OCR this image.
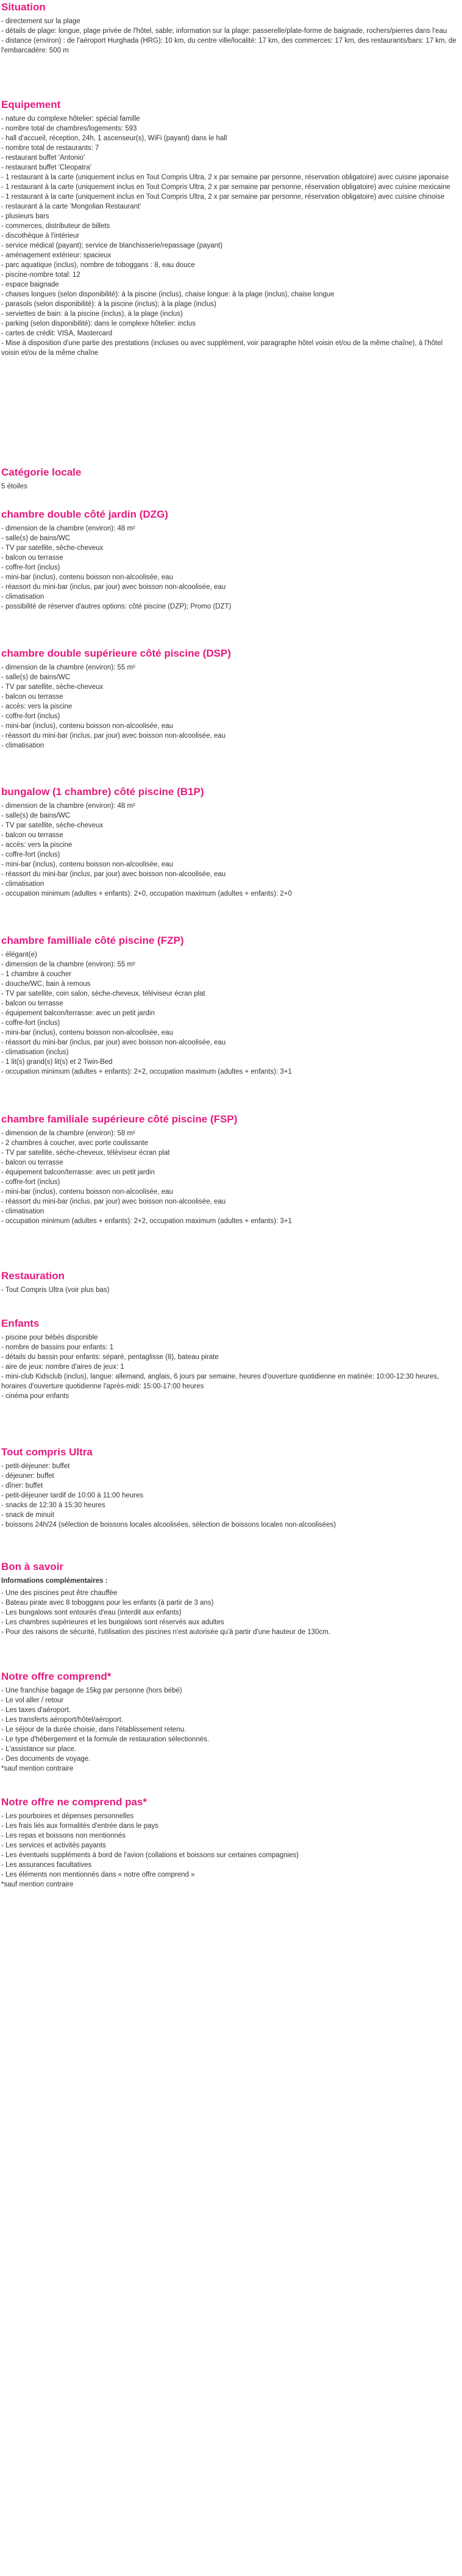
Situation
- directement sur la plage
- détails de plage: longue, plage privée de l'hôtel, sable; information sur la plage: passerelle/plate-forme de baignade, rochers/pierres dans l'eau
- distance (environ) : de l'aéroport Hurghada (HRG): 10 km, du centre ville/localité: 17 km, des commerces: 17 km, des restaurants/bars: 17 km, de l'embarcadère: 500 m
Equipement
- nature du complexe hôtelier: spécial famille
- nombre total de chambres/logements: 593
- hall d'accueil, réception, 24h, 1 ascenseur(s), WiFi (payant) dans le hall
- nombre total de restaurants: 7
- restaurant buffet 'Antonio'
- restaurant buffet 'Cleopatra'
- 1 restaurant à la carte (uniquement inclus en Tout Compris Ultra, 2 x par semaine par personne, réservation obligatoire) avec cuisine japonaise
- 1 restaurant à la carte (uniquement inclus en Tout Compris Ultra, 2 x par semaine par personne, réservation obligatoire) avec cuisine mexicaine
- 1 restaurant à la carte (uniquement inclus en Tout Compris Ultra, 2 x par semaine par personne, réservation obligatoire) avec cuisine chinoise
- restaurant à la carte 'Mongolian Restaurant'
- plusieurs bars
- commerces, distributeur de billets
- discothèque à l'intérieur
- service médical (payant); service de blanchisserie/repassage (payant)
- aménagement extérieur: spacieux
- parc aquatique (inclus), nombre de toboggans : 8, eau douce
- piscine-nombre total: 12
- espace baignade
- chaises longues (selon disponibilité): à la piscine (inclus), chaise longue: à la plage (inclus), chaise longue
- parasols (selon disponibilité): à la piscine (inclus); à la plage (inclus)
- serviettes de bain: à la piscine (inclus), à la plage (inclus)
- parking (selon disponibilité): dans le complexe hôtelier: inclus
- cartes de crédit: VISA, Mastercard
- Mise à disposition d'une partie des prestations (incluses ou avec supplément, voir paragraphe hôtel voisin et/ou de la même chaîne), à l'hôtel voisin et/ou de la même chaîne
Catégorie locale
5 étoiles
chambre double côté jardin (DZG)
- dimension de la chambre (environ): 48 m²
- salle(s) de bains/WC
- TV par satellite, sèche-cheveux
- balcon ou terrasse
- coffre-fort (inclus)
- mini-bar (inclus), contenu boisson non-alcoolisée, eau
- réassort du mini-bar (inclus, par jour) avec boisson non-alcoolisée, eau
- climatisation
- possibilité de réserver d'autres options: côté piscine (DZP); Promo (DZT)
chambre double supérieure côté piscine (DSP)
- dimension de la chambre (environ): 55 m²
- salle(s) de bains/WC
- TV par satellite, sèche-cheveux
- balcon ou terrasse
- accès: vers la piscine
- coffre-fort (inclus)
- mini-bar (inclus), contenu boisson non-alcoolisée, eau
- réassort du mini-bar (inclus, par jour) avec boisson non-alcoolisée, eau
- climatisation
bungalow (1 chambre) côté piscine (B1P)
- dimension de la chambre (environ): 48 m²
- salle(s) de bains/WC
- TV par satellite, sèche-cheveux
- balcon ou terrasse
- accès: vers la piscine
- coffre-fort (inclus)
- mini-bar (inclus), contenu boisson non-alcoolisée, eau
- réassort du mini-bar (inclus, par jour) avec boisson non-alcoolisée, eau
- climatisation
- occupation minimum (adultes + enfants): 2+0, occupation maximum (adultes + enfants): 2+0
chambre familliale côté piscine (FZP)
- élégant(e)
- dimension de la chambre (environ): 55 m²
- 1 chambre à coucher
- douche/WC, bain à remous
- TV par satellite, coin salon, sèche-cheveux, téléviseur écran plat
- balcon ou terrasse
- équipement balcon/terrasse: avec un petit jardin
- coffre-fort (inclus)
- mini-bar (inclus), contenu boisson non-alcoolisée, eau
- réassort du mini-bar (inclus, par jour) avec boisson non-alcoolisée, eau
- climatisation (inclus)
- 1 lit(s) grand(s) lit(s) et 2 Twin-Bed
- occupation minimum (adultes + enfants): 2+2, occupation maximum (adultes + enfants): 3+1
chambre familiale supérieure côté piscine (FSP)
- dimension de la chambre (environ): 58 m²
- 2 chambres à coucher, avec porte coulissante
- TV par satellite, sèche-cheveux, téléviseur écran plat
- balcon ou terrasse
- équipement balcon/terrasse: avec un petit jardin
- coffre-fort (inclus)
- mini-bar (inclus), contenu boisson non-alcoolisée, eau
- réassort du mini-bar (inclus, par jour) avec boisson non-alcoolisée, eau
- climatisation
- occupation minimum (adultes + enfants): 2+2, occupation maximum (adultes + enfants): 3+1
Restauration
- Tout Compris Ultra (voir plus bas)
Enfants
- piscine pour bébés disponible
- nombre de bassins pour enfants: 1
- détails du bassin pour enfants: séparé, pentaglisse (8), bateau pirate
- aire de jeux: nombre d'aires de jeux: 1
- mini-club Kidsclub (inclus), langue: allemand, anglais, 6 jours par semaine, heures d'ouverture quotidienne en matinée: 10:00-12:30 heures, horaires d'ouverture quotidienne l'après-midi: 15:00-17:00 heures
- cinéma pour enfants
Tout compris Ultra
- petit-déjeuner: buffet
- déjeuner: buffet
- dîner: buffet
- petit-déjeuner tardif de 10:00 à 11:00 heures
- snacks de 12:30 à 15:30 heures
- snack de minuit
- boissons 24h/24 (sélection de boissons locales alcoolisées, sélection de boissons locales non-alcoolisées)
Bon à savoir

Informations complémentaires :

- Une des piscines peut être chauffée
- Bateau pirate avec 8 toboggans pour les enfants (à partir de 3 ans)
- Les bungalows sont entourés d'eau (interdit aux enfants)
- Les chambres supérieures et les bungalows sont réservés aux adultes
- Pour des raisons de sécurité, l'utilisation des piscines n'est autorisée qu'à partir d'une hauteur de 130cm.
Notre offre comprend*
- Une franchise bagage de 15kg par personne (hors bébé)
- Le vol aller / retour
- Les taxes d'aéroport.
- Les transferts aéroport/hôtel/aéroport.
- Le séjour de la durée choisie, dans l'établissement retenu.
- Le type d'hébergement et la formule de restauration sélectionnés.
- L'assistance sur place.
- Des documents de voyage.
*sauf mention contraire
Notre offre ne comprend pas*
- Les pourboires et dépenses personnelles
- Les frais liés aux formalités d'entrée dans le pays
- Les repas et boissons non mentionnés
- Les services et activités payants
- Les éventuels suppléments à bord de l'avion (collations et boissons sur certaines compagnies)
- Les assurances facultatives
- Les éléments non mentionnés dans « notre offre comprend »
*sauf mention contraire
